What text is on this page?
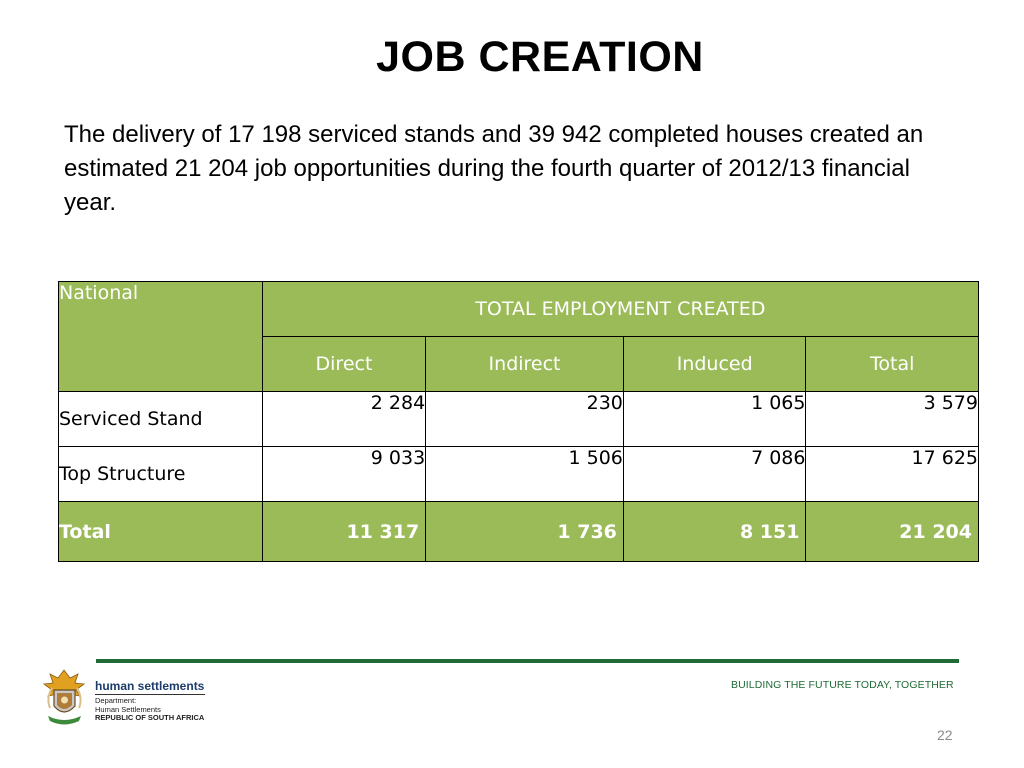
JOB CREATION
The delivery of 17 198 serviced stands and 39 942 completed houses created an estimated 21 204 job opportunities during the fourth quarter of 2012/13 financial year.
National	TOTAL EMPLOYMENT CREATED			
	Direct	Indirect	Induced	Total
Serviced Stand	2 284	230	1 065	3 579
Top Structure	9 033	1 506	7 086	17 625
Total	11 317	1 736	8 151	21 204
human settlements
Department:
Human Settlements
REPUBLIC OF SOUTH AFRICA
BUILDING THE FUTURE TODAY, TOGETHER
22
